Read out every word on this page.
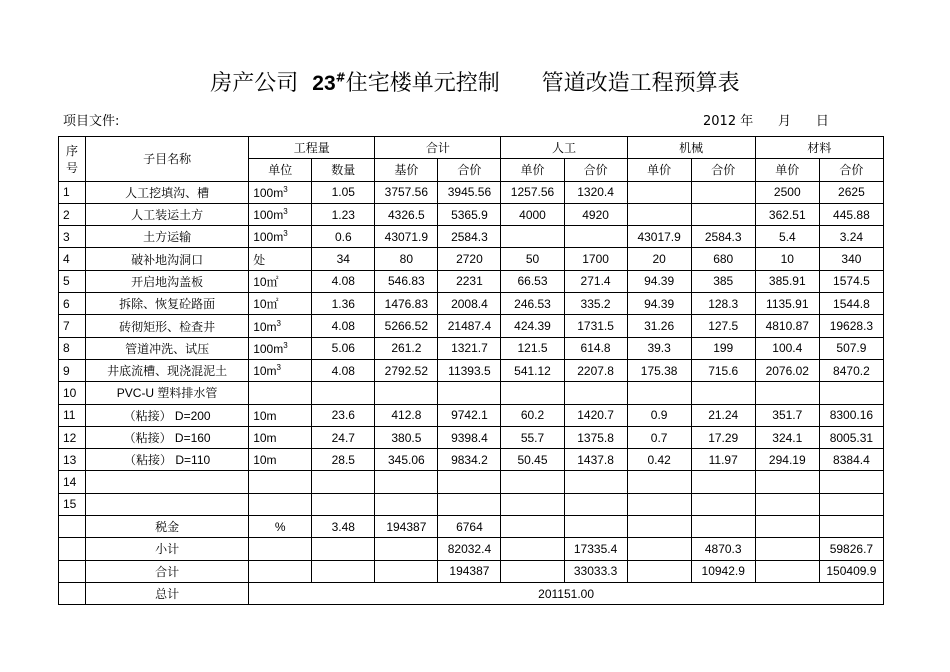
房产公司  23#住宅楼单元控制      管道改造工程预算表
项目文件:	2012 年 月 日
序
号	子目名称	工程量		合计		人工		机械		材料	
		单位	数量	基价	合价	单价	合价	单价	合价	单价	合价
1	人工挖填沟、槽	$100m^3$	1.05	3757.56	3945.56	1257.56	1320.4			2500	2625
2	人工装运土方	$100m^3$	1.23	4326.5	5365.9	4000	4920			362.51	445.88
3	土方运输	$100m^3$	0.6	43071.9	2584.3			43017.9	2584.3	5.4	3.24
4	破补地沟洞口	处	34	80	2720	50	1700	20	680	10	340
5	开启地沟盖板	10㎡	4.08	546.83	2231	66.53	271.4	94.39	385	385.91	1574.5
6	拆除、恢复砼路面	10㎡	1.36	1476.83	2008.4	246.53	335.2	94.39	128.3	1135.91	1544.8
7	砖彻矩形、检查井	$10m^3$	4.08	5266.52	21487.4	424.39	1731.5	31.26	127.5	4810.87	19628.3
8	管道冲洗、试压	$100m^3$	5.06	261.2	1321.7	121.5	614.8	39.3	199	100.4	507.9
9	井底流槽、现浇混泥土	$10m^3$	4.08	2792.52	11393.5	541.12	2207.8	175.38	715.6	2076.02	8470.2
10	PVC-U 塑料排水管										
11	（粘接） D=200	10m	23.6	412.8	9742.1	60.2	1420.7	0.9	21.24	351.7	8300.16
12	（粘接） D=160	10m	24.7	380.5	9398.4	55.7	1375.8	0.7	17.29	324.1	8005.31
13	（粘接） D=110	10m	28.5	345.06	9834.2	50.45	1437.8	0.42	11.97	294.19	8384.4
14											
15											
	税金	%	3.48	194387	6764						
	小计				82032.4		17335.4		4870.3		59826.7
	合计				194387		33033.3		10942.9		150409.9
	总计	201151.00									
